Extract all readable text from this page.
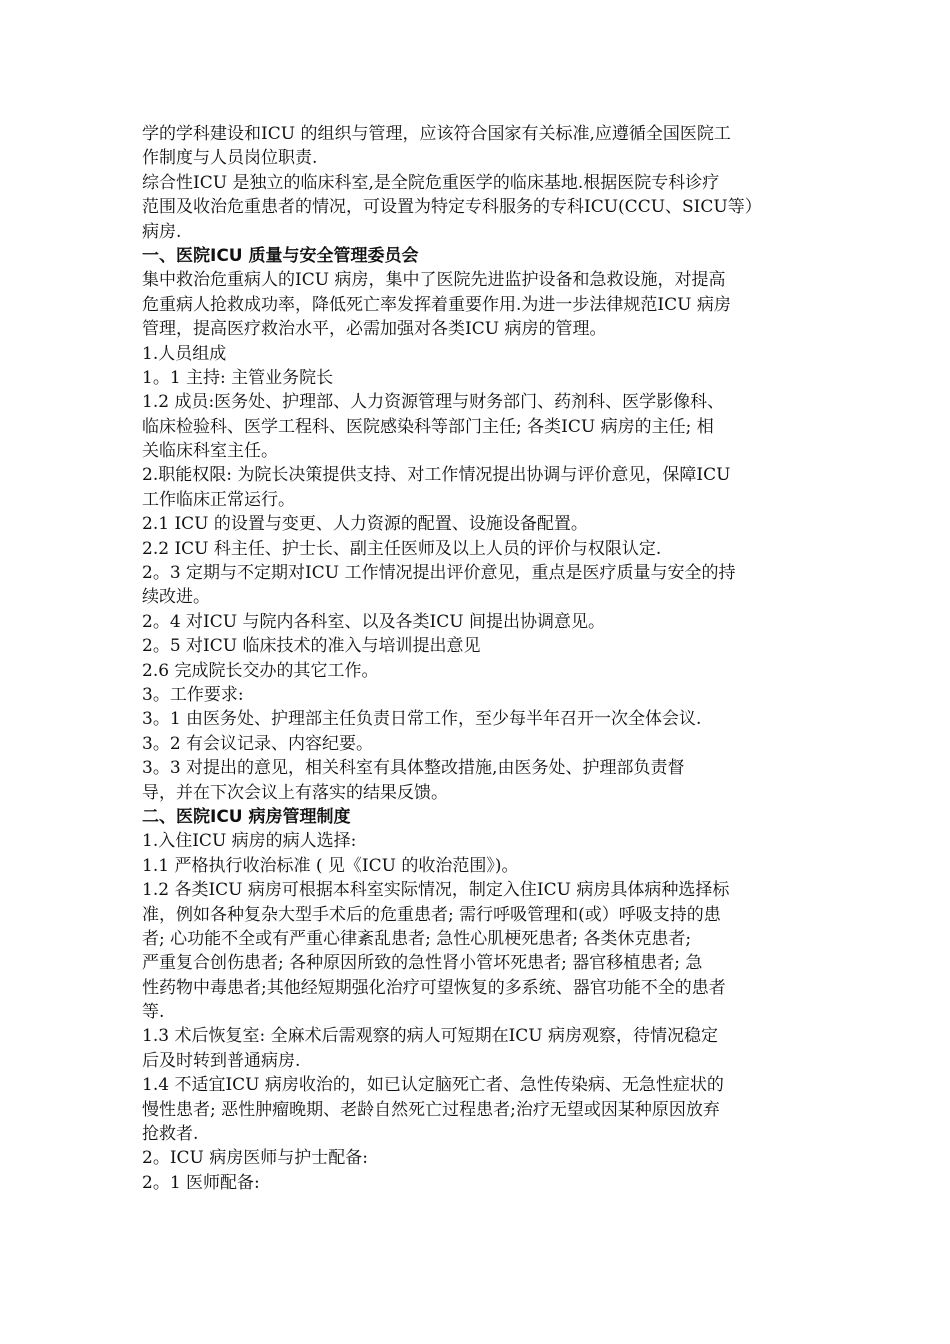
学的学科建设和ICU 的组织与管理，应该符合国家有关标准,应遵循全国医院工
作制度与人员岗位职责.
综合性ICU 是独立的临床科室,是全院危重医学的临床基地.根据医院专科诊疗
范围及收治危重患者的情况，可设置为特定专科服务的专科ICU(CCU、SICU等）
病房.
一、医院ICU 质量与安全管理委员会
集中救治危重病人的ICU 病房，集中了医院先进监护设备和急救设施，对提高
危重病人抢救成功率，降低死亡率发挥着重要作用.为进一步法律规范ICU 病房
管理，提高医疗救治水平，必需加强对各类ICU 病房的管理。
1.人员组成
1。1 主持: 主管业务院长
1.2 成员:医务处、护理部、人力资源管理与财务部门、药剂科、医学影像科、
临床检验科、医学工程科、医院感染科等部门主任; 各类ICU 病房的主任; 相
关临床科室主任。
2.职能权限: 为院长决策提供支持、对工作情况提出协调与评价意见，保障ICU
工作临床正常运行。
2.1 ICU 的设置与变更、人力资源的配置、设施设备配置。
2.2 ICU 科主任、护士长、副主任医师及以上人员的评价与权限认定.
2。3 定期与不定期对ICU 工作情况提出评价意见，重点是医疗质量与安全的持
续改进。
2。4 对ICU 与院内各科室、以及各类ICU 间提出协调意见。
2。5 对ICU 临床技术的准入与培训提出意见
2.6 完成院长交办的其它工作。
3。工作要求:
3。1 由医务处、护理部主任负责日常工作，至少每半年召开一次全体会议.
3。2 有会议记录、内容纪要。
3。3 对提出的意见，相关科室有具体整改措施,由医务处、护理部负责督
导，并在下次会议上有落实的结果反馈。
二、医院ICU 病房管理制度
1.入住ICU 病房的病人选择:
1.1 严格执行收治标准 ( 见《ICU 的收治范围》)。
1.2 各类ICU 病房可根据本科室实际情况，制定入住ICU 病房具体病种选择标
准，例如各种复杂大型手术后的危重患者; 需行呼吸管理和(或）呼吸支持的患
者; 心功能不全或有严重心律紊乱患者; 急性心肌梗死患者; 各类休克患者;
严重复合创伤患者; 各种原因所致的急性肾小管坏死患者; 器官移植患者; 急
性药物中毒患者;其他经短期强化治疗可望恢复的多系统、器官功能不全的患者
等.
1.3 术后恢复室: 全麻术后需观察的病人可短期在ICU 病房观察，待情况稳定
后及时转到普通病房.
1.4 不适宜ICU 病房收治的，如已认定脑死亡者、急性传染病、无急性症状的
慢性患者; 恶性肿瘤晚期、老龄自然死亡过程患者;治疗无望或因某种原因放弃
抢救者.
2。ICU 病房医师与护士配备:
2。1 医师配备:
